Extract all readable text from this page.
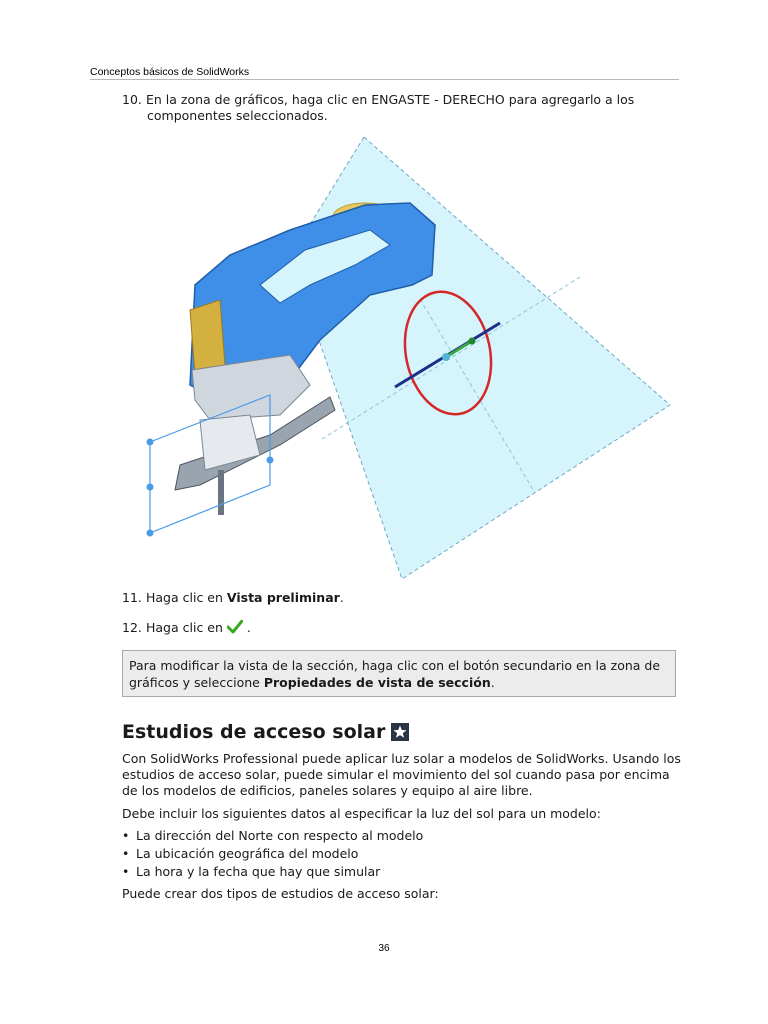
Conceptos básicos de SolidWorks
10. En la zona de gráficos, haga clic en ENGASTE - DERECHO para agregarlo a los
componentes seleccionados.
11. Haga clic en Vista preliminar.
12. Haga clic en .
Para modificar la vista de la sección, haga clic con el botón secundario en la zona de gráficos y seleccione Propiedades de vista de sección.
Estudios de acceso solar
Con SolidWorks Professional puede aplicar luz solar a modelos de SolidWorks. Usando los estudios de acceso solar, puede simular el movimiento del sol cuando pasa por encima de los modelos de edificios, paneles solares y equipo al aire libre.
Debe incluir los siguientes datos al especificar la luz del sol para un modelo:
• La dirección del Norte con respecto al modelo
• La ubicación geográfica del modelo
• La hora y la fecha que hay que simular
Puede crear dos tipos de estudios de acceso solar:
36
